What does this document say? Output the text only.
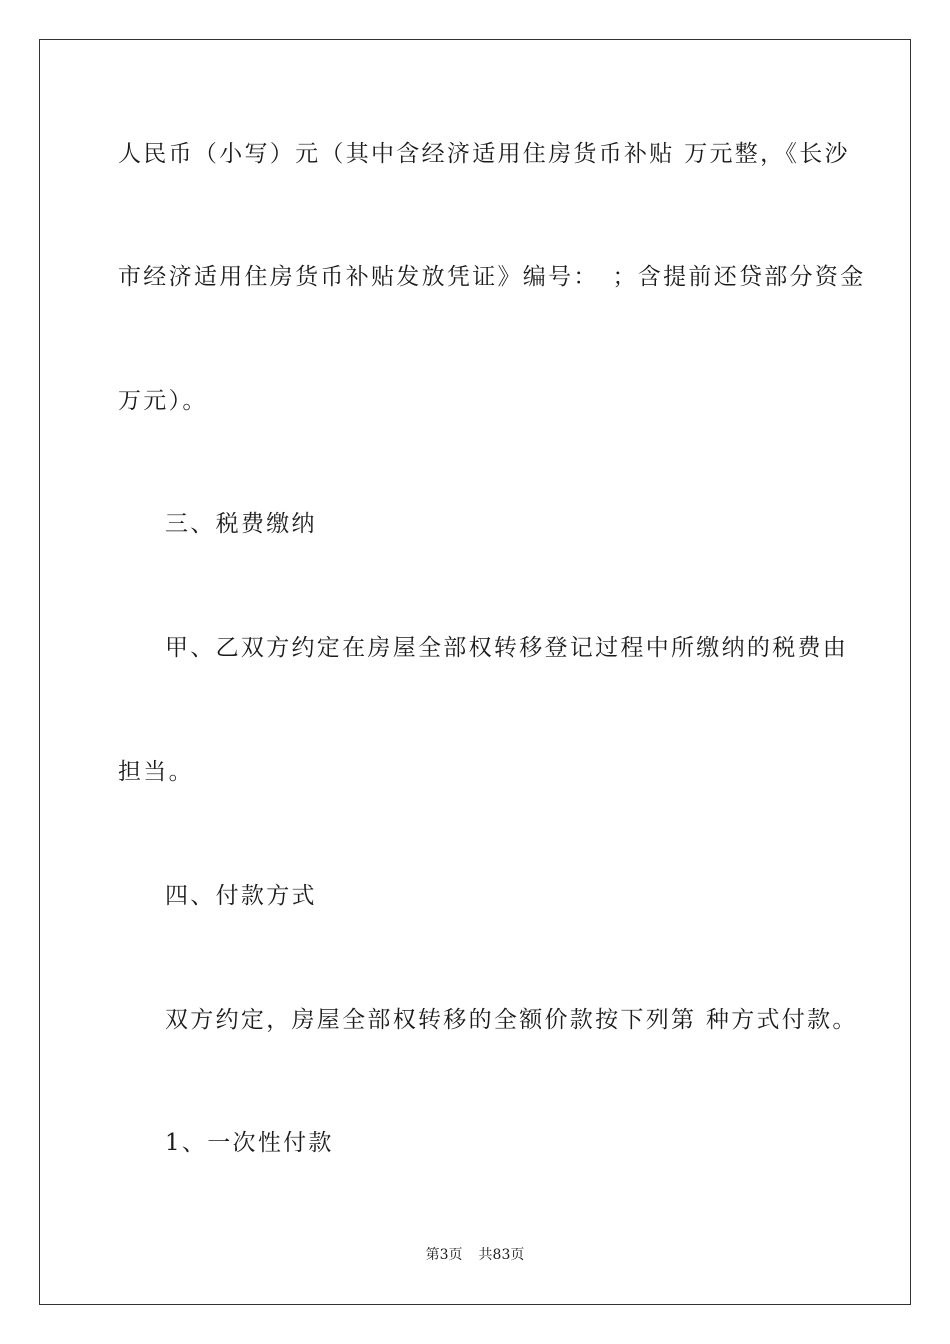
人民币（小写）元（其中含经济适用住房货币补贴 万元整，《长沙
市经济适用住房货币补贴发放凭证》编号：　；含提前还贷部分资金
万元）。
三、税费缴纳
甲、乙双方约定在房屋全部权转移登记过程中所缴纳的税费由
担当。
四、付款方式
双方约定，房屋全部权转移的全额价款按下列第 种方式付款。
1、一次性付款
第3页 共83页
